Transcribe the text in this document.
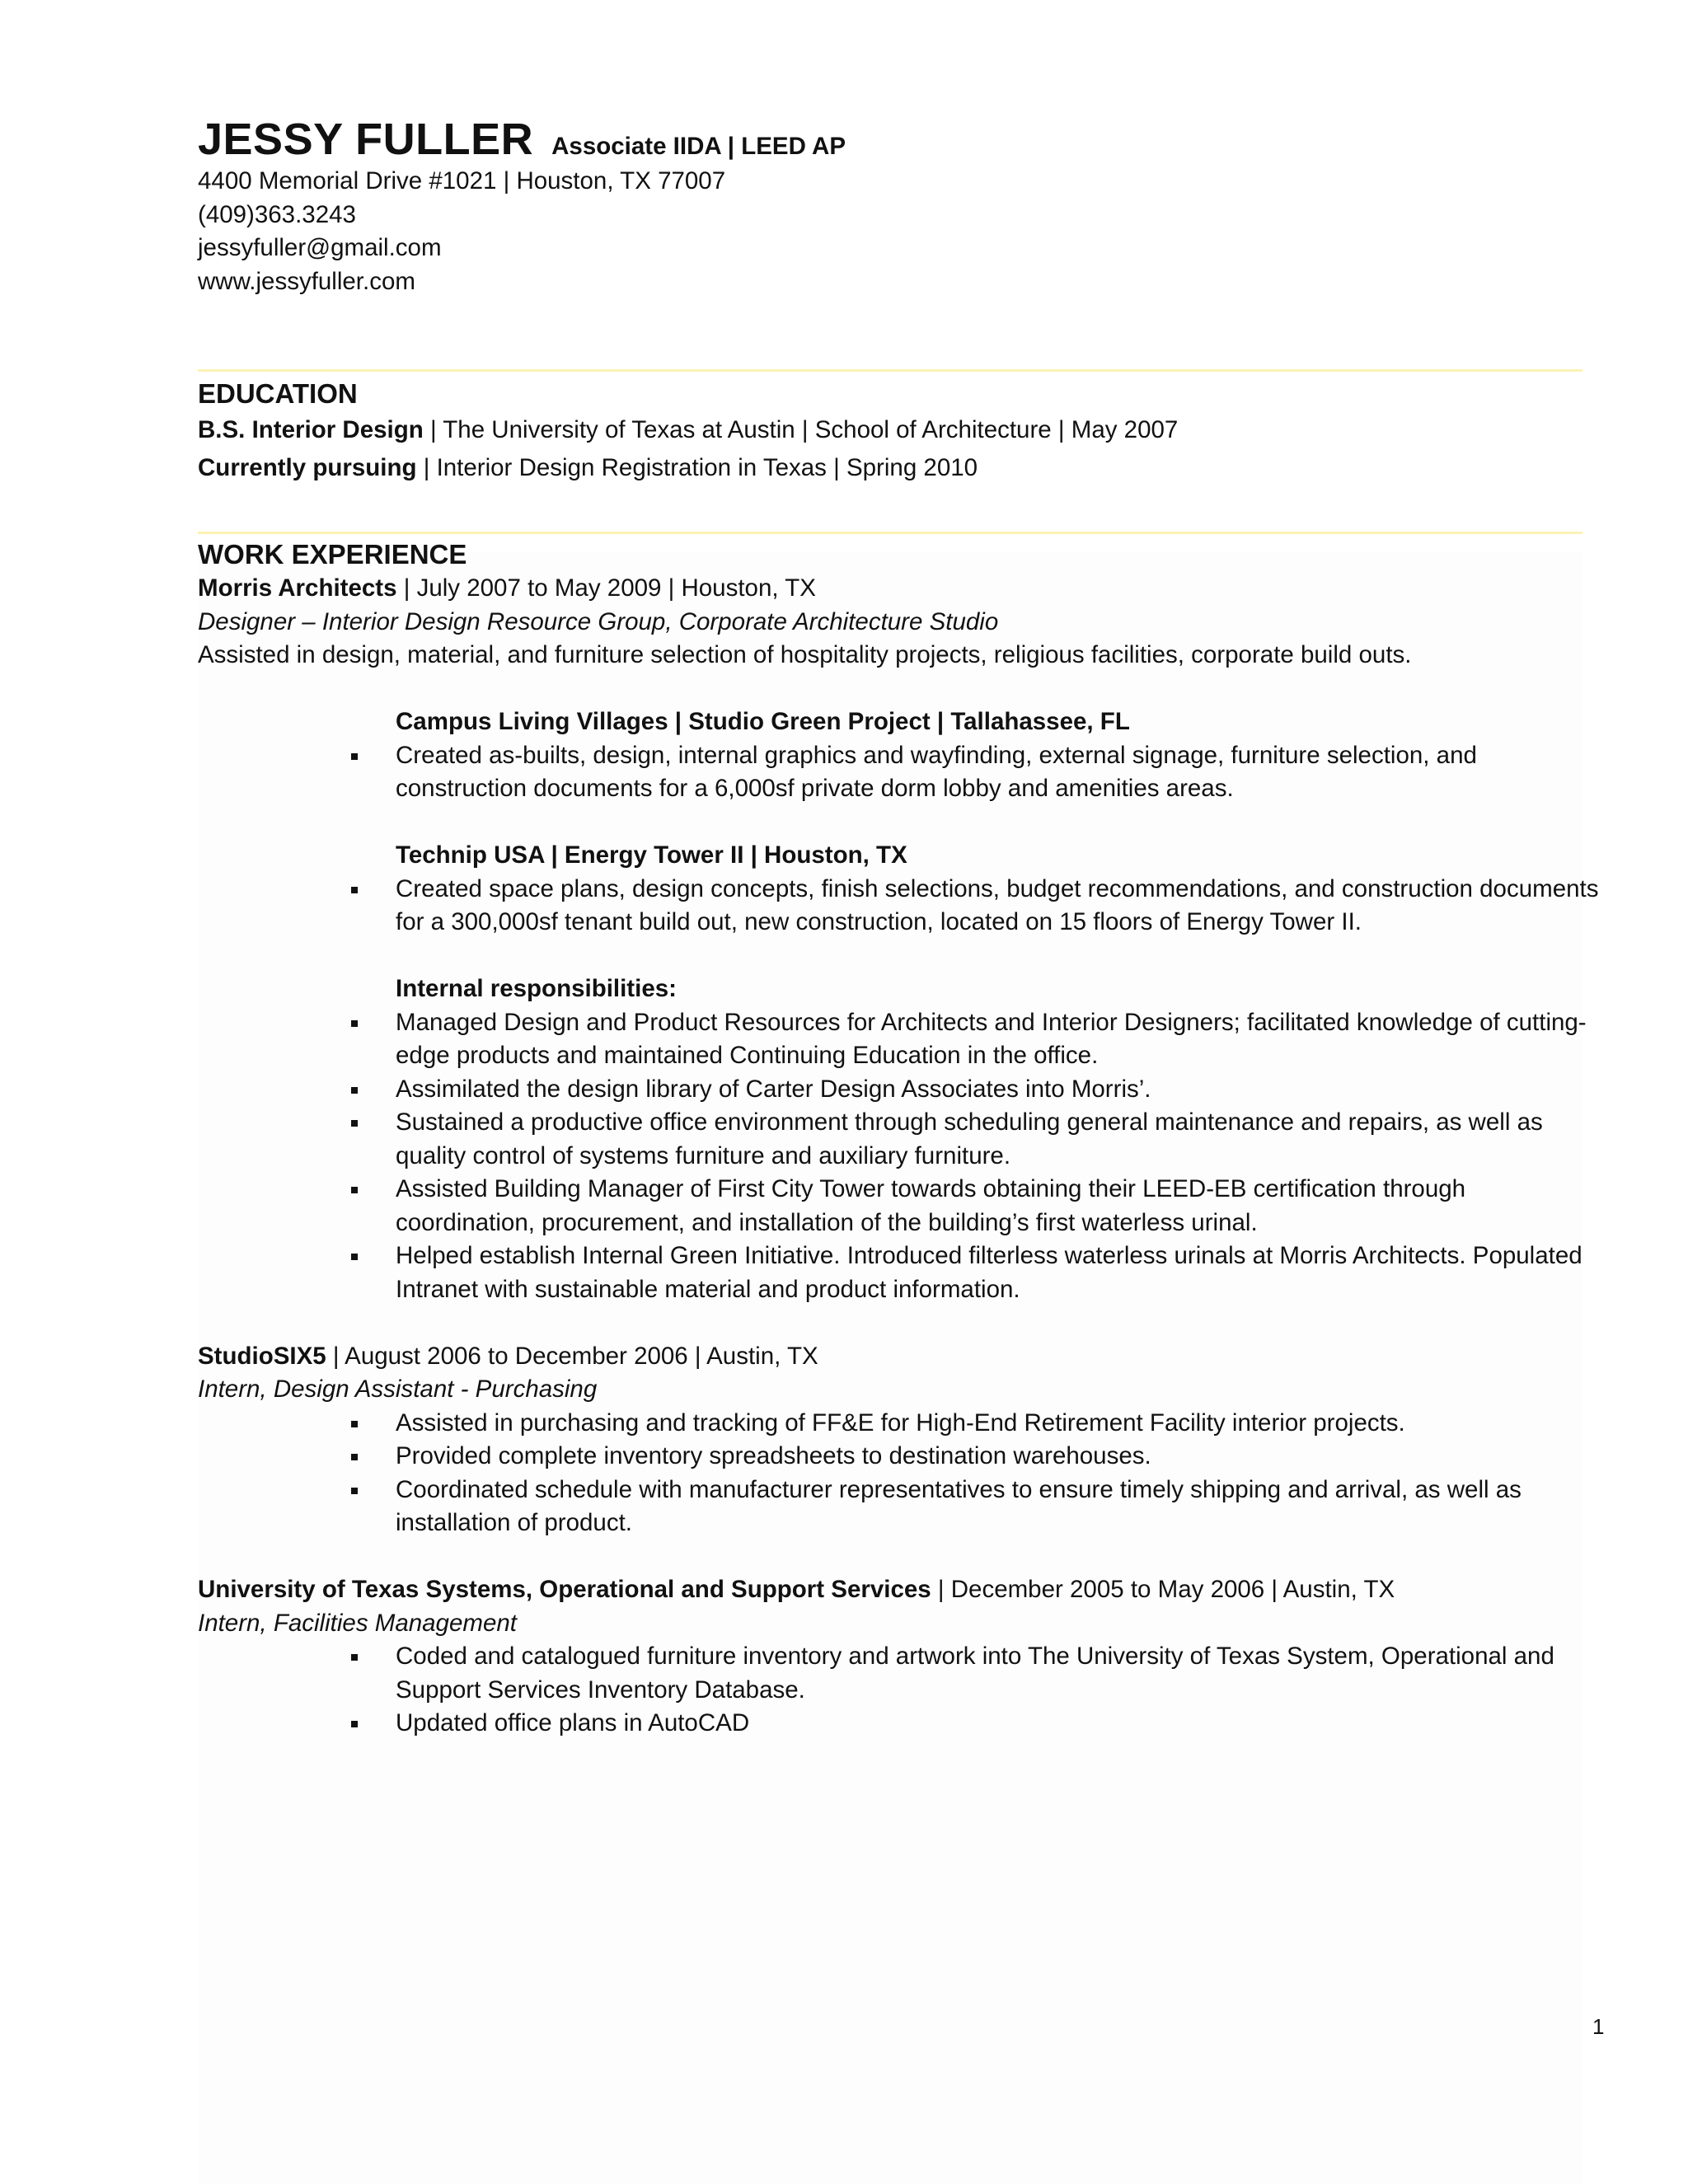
JESSY FULLER Associate IIDA | LEED AP
4400 Memorial Drive #1021 | Houston, TX 77007
(409)363.3243
jessyfuller@gmail.com
www.jessyfuller.com
EDUCATION
B.S. Interior Design | The University of Texas at Austin | School of Architecture | May 2007
Currently pursuing | Interior Design Registration in Texas | Spring 2010
WORK EXPERIENCE
Morris Architects | July 2007 to May 2009 | Houston, TX
Designer – Interior Design Resource Group, Corporate Architecture Studio
Assisted in design, material, and furniture selection of hospitality projects, religious facilities, corporate build outs.
Campus Living Villages | Studio Green Project | Tallahassee, FL
Created as-builts, design, internal graphics and wayfinding, external signage, furniture selection, and construction documents for a 6,000sf private dorm lobby and amenities areas.
Technip USA | Energy Tower II | Houston, TX
Created space plans, design concepts, finish selections, budget recommendations, and construction documents for a 300,000sf tenant build out, new construction, located on 15 floors of Energy Tower II.
Internal responsibilities:
Managed Design and Product Resources for Architects and Interior Designers; facilitated knowledge of cutting-edge products and maintained Continuing Education in the office.
Assimilated the design library of Carter Design Associates into Morris’.
Sustained a productive office environment through scheduling general maintenance and repairs, as well as quality control of systems furniture and auxiliary furniture.
Assisted Building Manager of First City Tower towards obtaining their LEED-EB certification through coordination, procurement, and installation of the building’s first waterless urinal.
Helped establish Internal Green Initiative. Introduced filterless waterless urinals at Morris Architects. Populated Intranet with sustainable material and product information.
StudioSIX5 | August 2006 to December 2006 | Austin, TX
Intern, Design Assistant - Purchasing
Assisted in purchasing and tracking of FF&E for High-End Retirement Facility interior projects.
Provided complete inventory spreadsheets to destination warehouses.
Coordinated schedule with manufacturer representatives to ensure timely shipping and arrival, as well as installation of product.
University of Texas Systems, Operational and Support Services | December 2005 to May 2006 | Austin, TX
Intern, Facilities Management
Coded and catalogued furniture inventory and artwork into The University of Texas System, Operational and Support Services Inventory Database.
Updated office plans in AutoCAD
1
